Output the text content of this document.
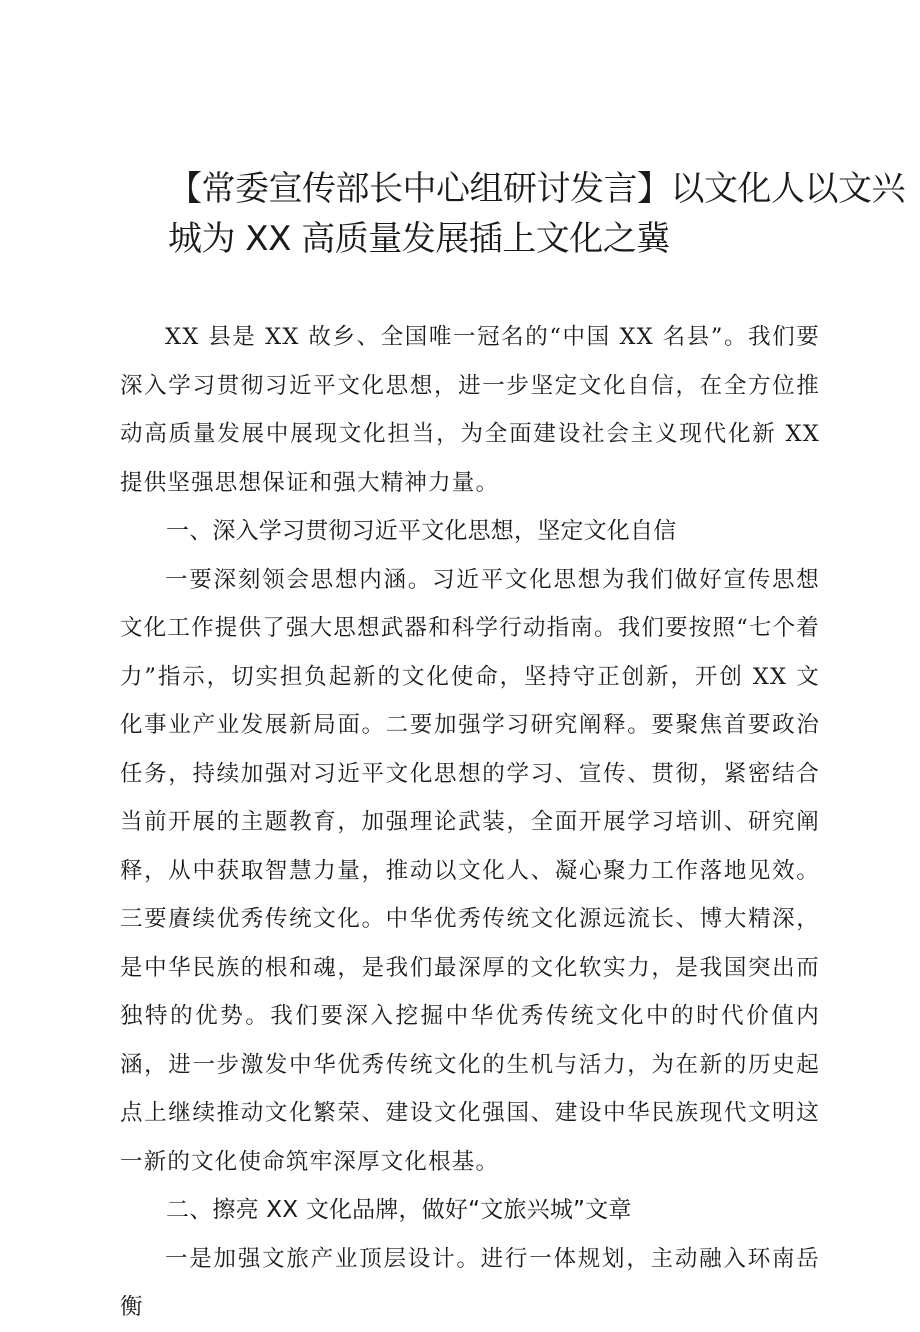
【常委宣传部长中心组研讨发言】以文化人以文兴
城为 XX 高质量发展插上文化之冀

XX 县是 XX 故乡、全国唯一冠名的“中国 XX 名县”。我们要深入学习贯彻习近平文化思想，进一步坚定文化自信，在全方位推动高质量发展中展现文化担当，为全面建设社会主义现代化新 XX 提供坚强思想保证和强大精神力量。

一、深入学习贯彻习近平文化思想，坚定文化自信

一要深刻领会思想内涵。习近平文化思想为我们做好宣传思想文化工作提供了强大思想武器和科学行动指南。我们要按照“七个着力”指示，切实担负起新的文化使命，坚持守正创新，开创 XX 文化事业产业发展新局面。二要加强学习研究阐释。要聚焦首要政治任务，持续加强对习近平文化思想的学习、宣传、贯彻，紧密结合当前开展的主题教育，加强理论武装，全面开展学习培训、研究阐释，从中获取智慧力量，推动以文化人、凝心聚力工作落地见效。三要賡续优秀传统文化。中华优秀传统文化源远流长、博大精深，是中华民族的根和魂，是我们最深厚的文化软实力，是我国突出而独特的优势。我们要深入挖掘中华优秀传统文化中的时代价值内涵，进一步激发中华优秀传统文化的生机与活力，为在新的历史起点上继续推动文化繁荣、建设文化强国、建设中华民族现代文明这一新的文化使命筑牢深厚文化根基。

二、擦亮 XX 文化品牌，做好“文旅兴城”文章

一是加强文旅产业顶层设计。进行一体规划，主动融入环南岳衡
